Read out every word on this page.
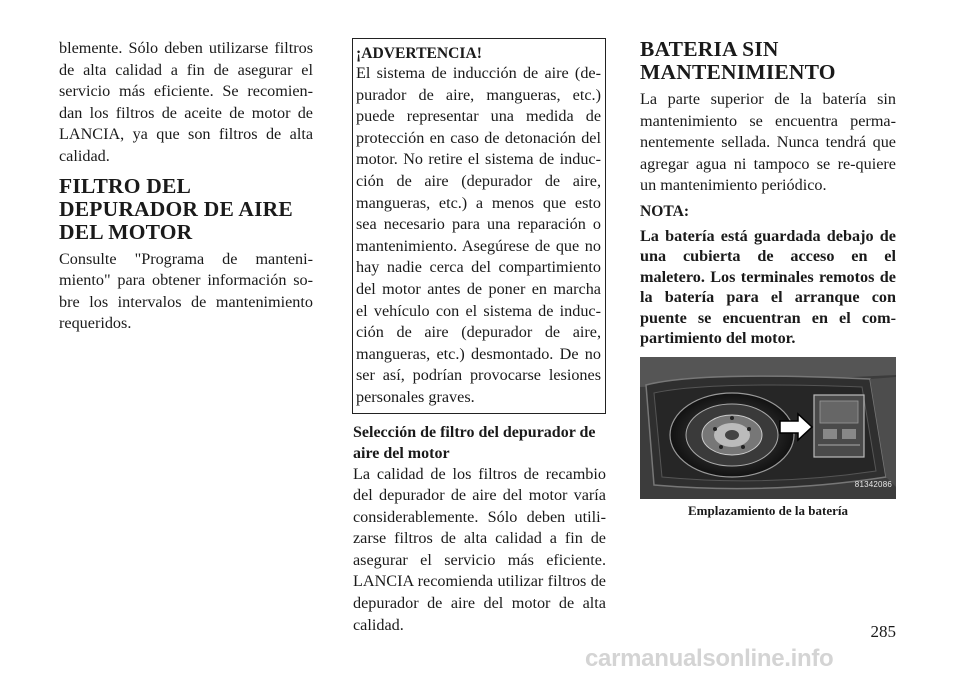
blemente. Sólo deben utilizarse filtros de alta calidad a fin de asegurar el servicio más eficiente. Se recomien-dan los filtros de aceite de motor de LANCIA, ya que son filtros de alta calidad.

FILTRO DEL DEPURADOR DE AIRE DEL MOTOR

Consulte "Programa de manteni-miento" para obtener información so-bre los intervalos de mantenimiento requeridos.

¡ADVERTENCIA!

El sistema de inducción de aire (de-purador de aire, mangueras, etc.) puede representar una medida de protección en caso de detonación del motor. No retire el sistema de induc-ción de aire (depurador de aire, mangueras, etc.) a menos que esto sea necesario para una reparación o mantenimiento. Asegúrese de que no hay nadie cerca del compartimiento del motor antes de poner en marcha el vehículo con el sistema de induc-ción de aire (depurador de aire, mangueras, etc.) desmontado. De no ser así, podrían provocarse lesiones personales graves.

Selección de filtro del depurador de aire del motor

La calidad de los filtros de recambio del depurador de aire del motor varía considerablemente. Sólo deben utili-zarse filtros de alta calidad a fin de asegurar el servicio más eficiente. LANCIA recomienda utilizar filtros de depurador de aire del motor de alta calidad.

BATERIA SIN MANTENIMIENTO

La parte superior de la batería sin mantenimiento se encuentra perma-nentemente sellada. Nunca tendrá que agregar agua ni tampoco se re-quiere un mantenimiento periódico.

NOTA:

La batería está guardada debajo de una cubierta de acceso en el maletero. Los terminales remotos de la batería para el arranque con puente se encuentran en el com-partimiento del motor.

81342086

Emplazamiento de la batería

285
carmanualsonline.info
